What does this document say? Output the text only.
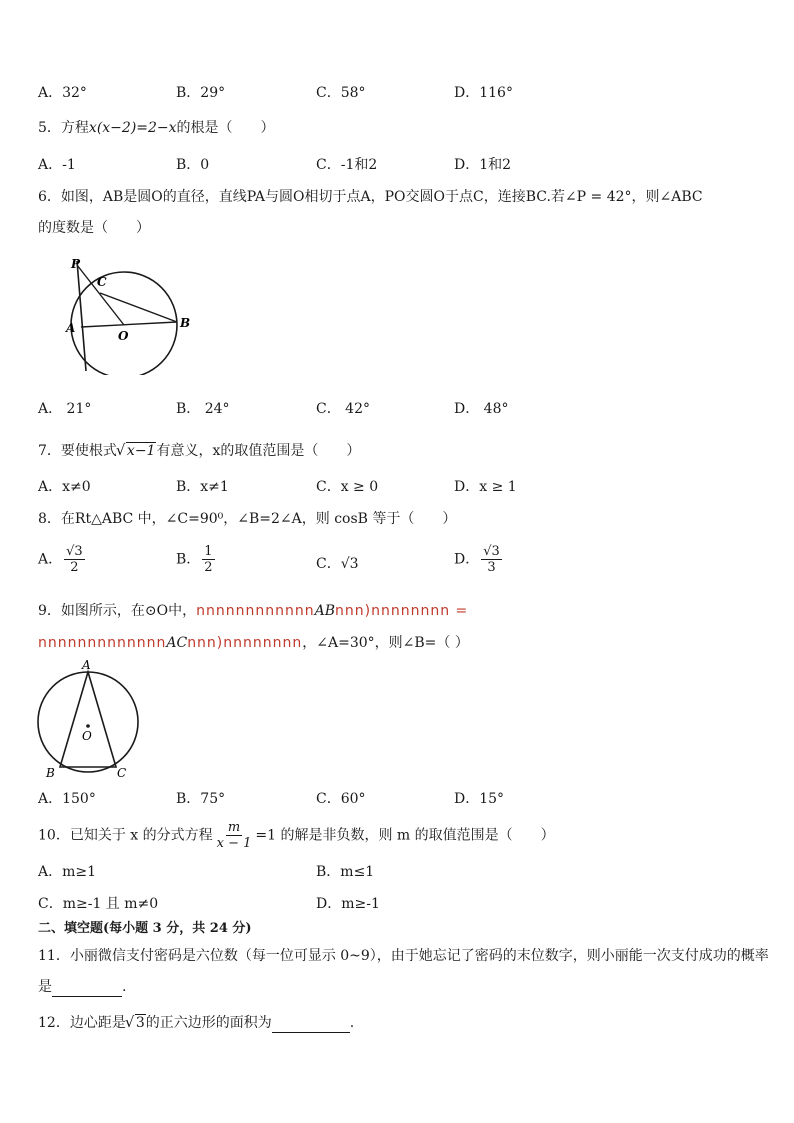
A．32°	B．29°	C．58°	D．116°
5．方程x(x−2)=2−x的根是（　　）
A．-1	B．0	C．-1和2	D．1和2
6．如图，AB是圆O的直径，直线PA与圆O相切于点A，PO交圆O于点C，连接BC.若∠P = 42°，则∠ABC
的度数是（　　）
P
C
A
O
B
A． 21°	B． 24°	C． 42°	D． 48°
7．要使根式 √ x−1有意义，x的取值范围是（　　）
A．x≠0	B．x≠1	C．x ≥ 0	D．x ≥ 1
8．在Rt△ABC 中，∠C=90⁰，∠B=2∠A，则 cosB 等于（　　）
A． $\frac{√3}{2}$	B． $\frac{1}{2}$	C．√3	D． $\frac{√3}{3}$
9．如图所示，在⊙O中，nnnnnnnnnnnnABnnn)nnnnnnnn =
nnnnnnnnnnnnnACnnn)nnnnnnnn，∠A=30°，则∠B=（ ）
A
O
B	C
A．150°	B．75°	C．60°	D．15°
10．已知关于 x 的分式方程 $\frac{m}{x - 1} =1$ 的解是非负数，则 m 的取值范围是（　　）
A．m≥1	B．m≤1
C．m≥-1 且 m≠0	D．m≥-1
二、填空题(每小题 3 分，共 24 分)
11．小丽微信支付密码是六位数（每一位可显示 0~9），由于她忘记了密码的末位数字，则小丽能一次支付成功的概率
是	.
12．边心距是 √ 3的正六边形的面积为	.
